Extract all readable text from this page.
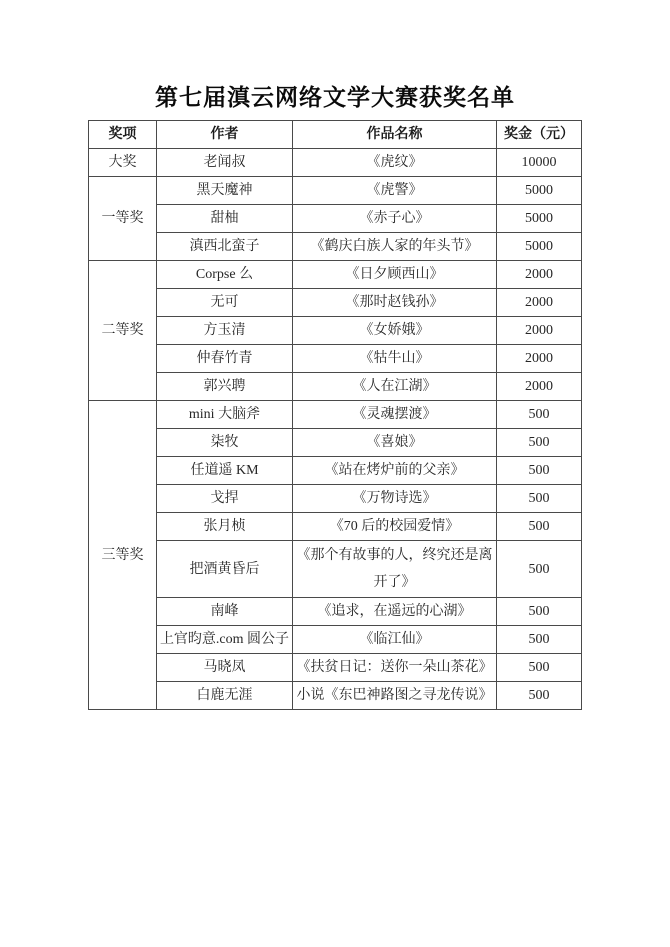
第七届滇云网络文学大赛获奖名单
奖项	作者	作品名称	奖金（元）
大奖	老闻叔	《虎纹》	10000
一等奖	黑天魔神	《虎警》	5000
	甜柚	《赤子心》	5000
	滇西北蛮子	《鹤庆白族人家的年头节》	5000
二等奖	Corpse 么	《日夕顾西山》	2000
	无可	《那时赵钱孙》	2000
	方玉清	《女娇娥》	2000
	仲春竹青	《牯牛山》	2000
	郭兴聘	《人在江湖》	2000
三等奖	mini 大脑斧	《灵魂摆渡》	500
	柒牧	《喜娘》	500
	任道遥 KM	《站在烤炉前的父亲》	500
	戈捍	《万物诗选》	500
	张月桢	《70 后的校园爱情》	500
	把酒黄昏后	《那个有故事的人，终究还是离开了》	500
	南峰	《追求，在遥远的心湖》	500
	上官昀意.com 圆公子	《临江仙》	500
	马晓凤	《扶贫日记：送你一朵山茶花》	500
	白鹿无涯	小说《东巴神路图之寻龙传说》	500
